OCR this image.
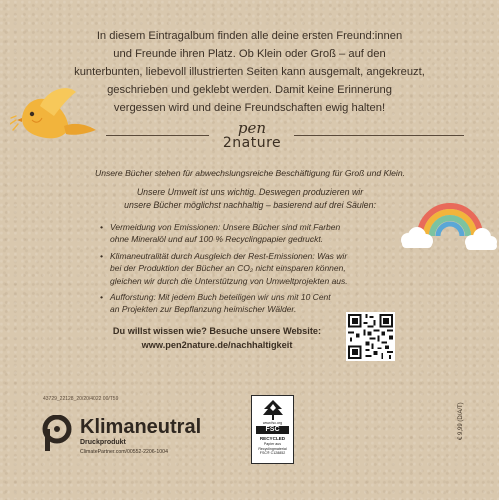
In diesem Eintragalbum finden alle deine ersten Freund:innen
und Freunde ihren Platz. Ob Klein oder Groß – auf den
kunterbunten, liebevoll illustrierten Seiten kann ausgemalt, angekreuzt,
geschrieben und geklebt werden. Damit keine Erinnerung
vergessen wird und deine Freundschaften ewig halten!
pen
2nature
Unsere Bücher stehen für abwechslungsreiche Beschäftigung für Groß und Klein.
Unsere Umwelt ist uns wichtig. Deswegen produzieren wir
unsere Bücher möglichst nachhaltig – basierend auf drei Säulen:
• Vermeidung von Emissionen: Unsere Bücher sind mit Farben
ohne Mineralöl und auf 100 % Recyclingpapier gedruckt.
• Klimaneutralität durch Ausgleich der Rest-Emissionen: Was wir
bei der Produktion der Bücher an CO₂ nicht einsparen können,
gleichen wir durch die Unterstützung von Umweltprojekten aus.
• Aufforstung: Mit jedem Buch beteiligen wir uns mit 10 Cent
an Projekten zur Bepflanzung heimischer Wälder.
Du willst wissen wie? Besuche unsere Website:
www.pen2nature.de/nachhaltigkeit
43729_22128_20/20/4022 00/T59
Klimaneutral
Druckprodukt
ClimatePartner.com/00552-2206-1004
www.fsc.org
FSC
RECYCLED
Papier aus
Recyclingmaterial
FSC® C128852
€ 9,99 (D/A/T)
